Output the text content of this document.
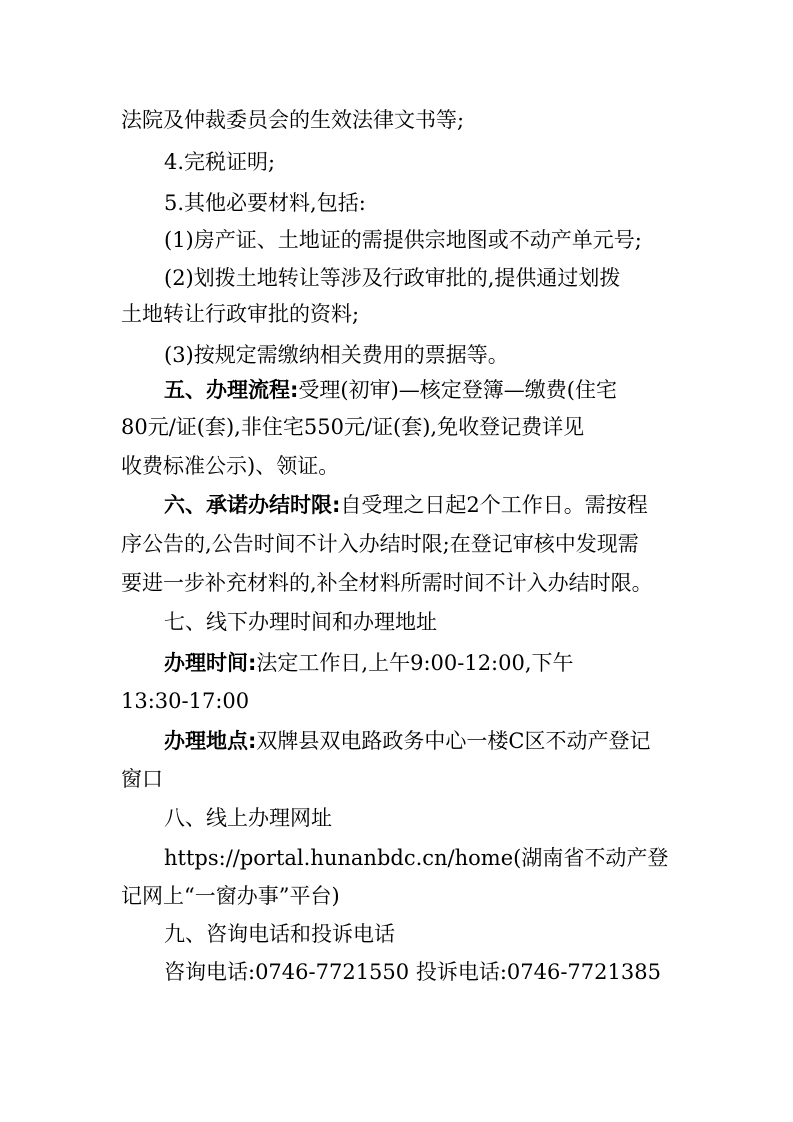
法院及仲裁委员会的生效法律文书等;

4.完税证明;

5.其他必要材料,包括:

(1)房产证、土地证的需提供宗地图或不动产单元号;

(2)划拨土地转让等涉及行政审批的,提供通过划拨

土地转让行政审批的资料;

(3)按规定需缴纳相关费用的票据等。

五、办理流程:受理(初审)—核定登簿—缴费(住宅

80元/证(套),非住宅550元/证(套),免收登记费详见

收费标准公示)、领证。

六、承诺办结时限:自受理之日起2个工作日。需按程

序公告的,公告时间不计入办结时限;在登记审核中发现需

要进一步补充材料的,补全材料所需时间不计入办结时限。

七、线下办理时间和办理地址

办理时间:法定工作日,上午9:00-12:00,下午

13:30-17:00

办理地点:双牌县双电路政务中心一楼C区不动产登记

窗口

八、线上办理网址

https://portal.hunanbdc.cn/home(湖南省不动产登

记网上“一窗办事”平台)

九、咨询电话和投诉电话

咨询电话:0746-7721550 投诉电话:0746-7721385
